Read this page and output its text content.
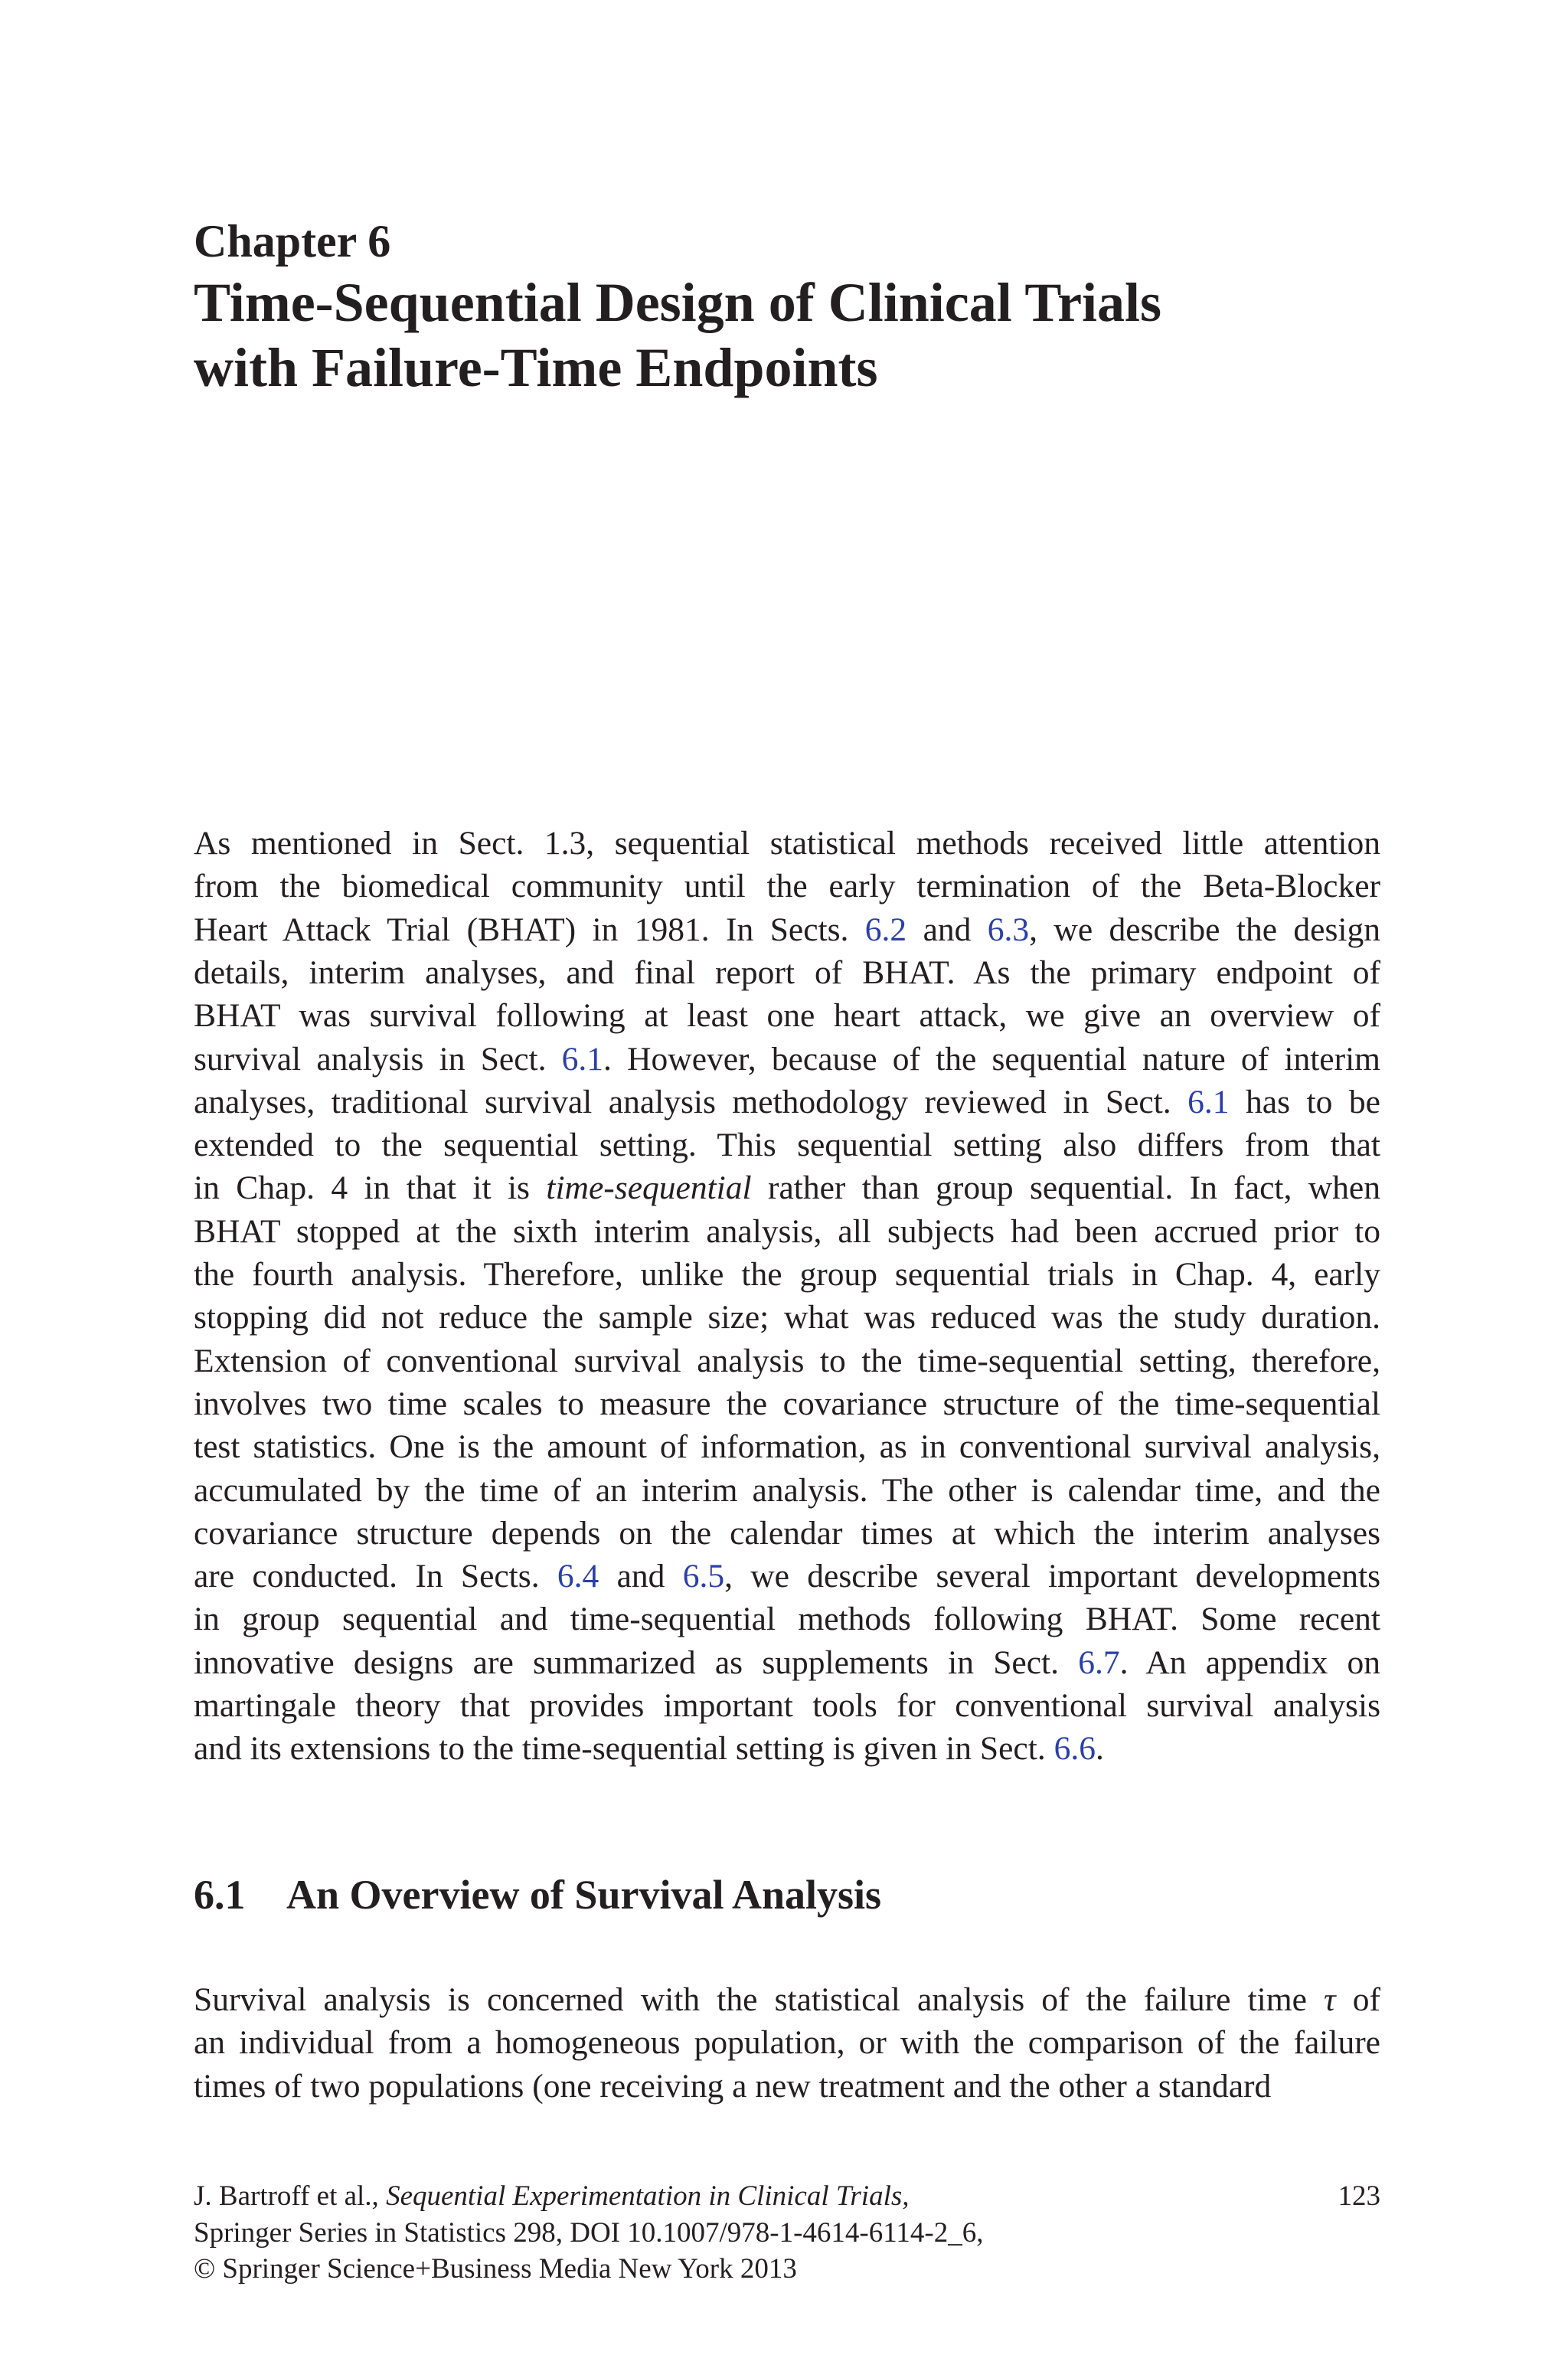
Chapter 6
Time-Sequential Design of Clinical Trials
with Failure-Time Endpoints
As mentioned in Sect. 1.3, sequential statistical methods received little attention
from the biomedical community until the early termination of the Beta-Blocker
Heart Attack Trial (BHAT) in 1981. In Sects. 6.2 and 6.3, we describe the design
details, interim analyses, and final report of BHAT. As the primary endpoint of
BHAT was survival following at least one heart attack, we give an overview of
survival analysis in Sect. 6.1. However, because of the sequential nature of interim
analyses, traditional survival analysis methodology reviewed in Sect. 6.1 has to be
extended to the sequential setting. This sequential setting also differs from that
in Chap. 4 in that it is time-sequential rather than group sequential. In fact, when
BHAT stopped at the sixth interim analysis, all subjects had been accrued prior to
the fourth analysis. Therefore, unlike the group sequential trials in Chap. 4, early
stopping did not reduce the sample size; what was reduced was the study duration.
Extension of conventional survival analysis to the time-sequential setting, therefore,
involves two time scales to measure the covariance structure of the time-sequential
test statistics. One is the amount of information, as in conventional survival analysis,
accumulated by the time of an interim analysis. The other is calendar time, and the
covariance structure depends on the calendar times at which the interim analyses
are conducted. In Sects. 6.4 and 6.5, we describe several important developments
in group sequential and time-sequential methods following BHAT. Some recent
innovative designs are summarized as supplements in Sect. 6.7. An appendix on
martingale theory that provides important tools for conventional survival analysis
and its extensions to the time-sequential setting is given in Sect. 6.6.
6.1 An Overview of Survival Analysis
Survival analysis is concerned with the statistical analysis of the failure time τ of
an individual from a homogeneous population, or with the comparison of the failure
times of two populations (one receiving a new treatment and the other a standard
J. Bartroff et al., Sequential Experimentation in Clinical Trials,
Springer Series in Statistics 298, DOI 10.1007/978-1-4614-6114-2_6,
© Springer Science+Business Media New York 2013
123
